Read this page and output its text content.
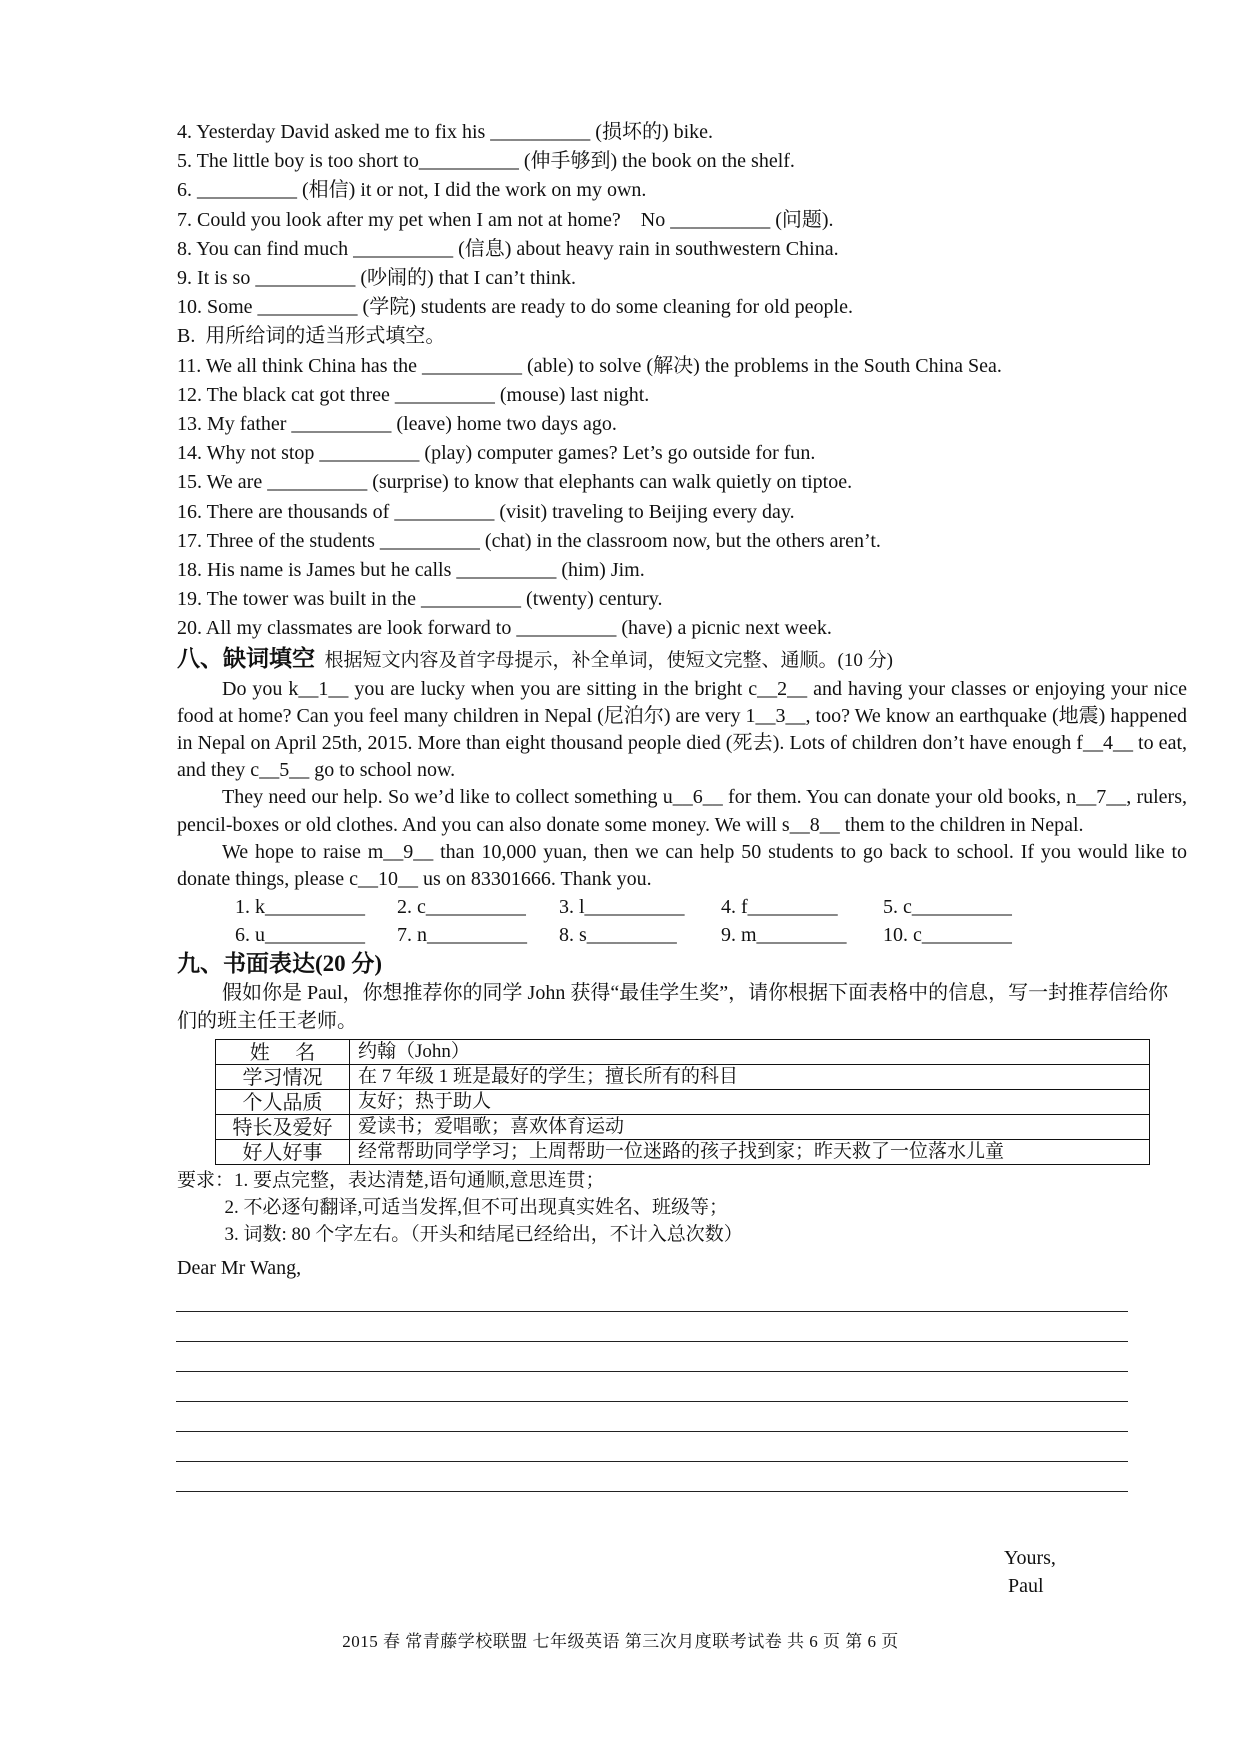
4. Yesterday David asked me to fix his __________ (损坏的) bike.
5. The little boy is too short to__________ (伸手够到) the book on the shelf.
6. __________ (相信) it or not, I did the work on my own.
7. Could you look after my pet when I am not at home?    No __________ (问题).
8. You can find much __________ (信息) about heavy rain in southwestern China.
9. It is so __________ (吵闹的) that I can’t think.
10. Some __________ (学院) students are ready to do some cleaning for old people.
B.  用所给词的适当形式填空。
11. We all think China has the __________ (able) to solve (解决) the problems in the South China Sea.
12. The black cat got three __________ (mouse) last night.
13. My father __________ (leave) home two days ago.
14. Why not stop __________ (play) computer games? Let’s go outside for fun.
15. We are __________ (surprise) to know that elephants can walk quietly on tiptoe.
16. There are thousands of __________ (visit) traveling to Beijing every day.
17. Three of the students __________ (chat) in the classroom now, but the others aren’t.
18. His name is James but he calls __________ (him) Jim.
19. The tower was built in the __________ (twenty) century.
20. All my classmates are look forward to __________ (have) a picnic next week.
八、缺词填空  根据短文内容及首字母提示，补全单词，使短文完整、通顺。(10 分)
Do you k__1__ you are lucky when you are sitting in the bright c__2__ and having your classes or enjoying your nice food at home? Can you feel many children in Nepal (尼泊尔) are very 1__3__, too? We know an earthquake (地震) happened in Nepal on April 25th, 2015. More than eight thousand people died (死去). Lots of children don’t have enough f__4__ to eat, and they c__5__ go to school now.
They need our help. So we’d like to collect something u__6__ for them. You can donate your old books, n__7__, rulers, pencil-boxes or old clothes. And you can also donate some money. We will s__8__ them to the children in Nepal.
We hope to raise m__9__ than 10,000 yuan, then we can help 50 students to go back to school. If you would like to donate things, please c__10__ us on 83301666. Thank you.
1. k__________	2. c__________	3. l__________	4. f_________	5. c__________
6. u__________	7. n__________	8. s_________	9. m_________	10. c_________
九、书面表达(20 分)
假如你是 Paul，你想推荐你的同学 John 获得“最佳学生奖”，请你根据下面表格中的信息，写一封推荐信给你们的班主任王老师。
姓    名	约翰（John）
学习情况	在 7 年级 1 班是最好的学生；擅长所有的科目
个人品质	友好；热于助人
特长及爱好	爱读书；爱唱歌；喜欢体育运动
好人好事	经常帮助同学学习；上周帮助一位迷路的孩子找到家；昨天救了一位落水儿童
要求：1. 要点完整，表达清楚,语句通顺,意思连贯；
2. 不必逐句翻译,可适当发挥,但不可出现真实姓名、班级等；
3. 词数: 80 个字左右。（开头和结尾已经给出，不计入总次数）
Dear Mr Wang,
Yours,
Paul
2015 春 常青藤学校联盟 七年级英语 第三次月度联考试卷 共 6 页 第 6 页
